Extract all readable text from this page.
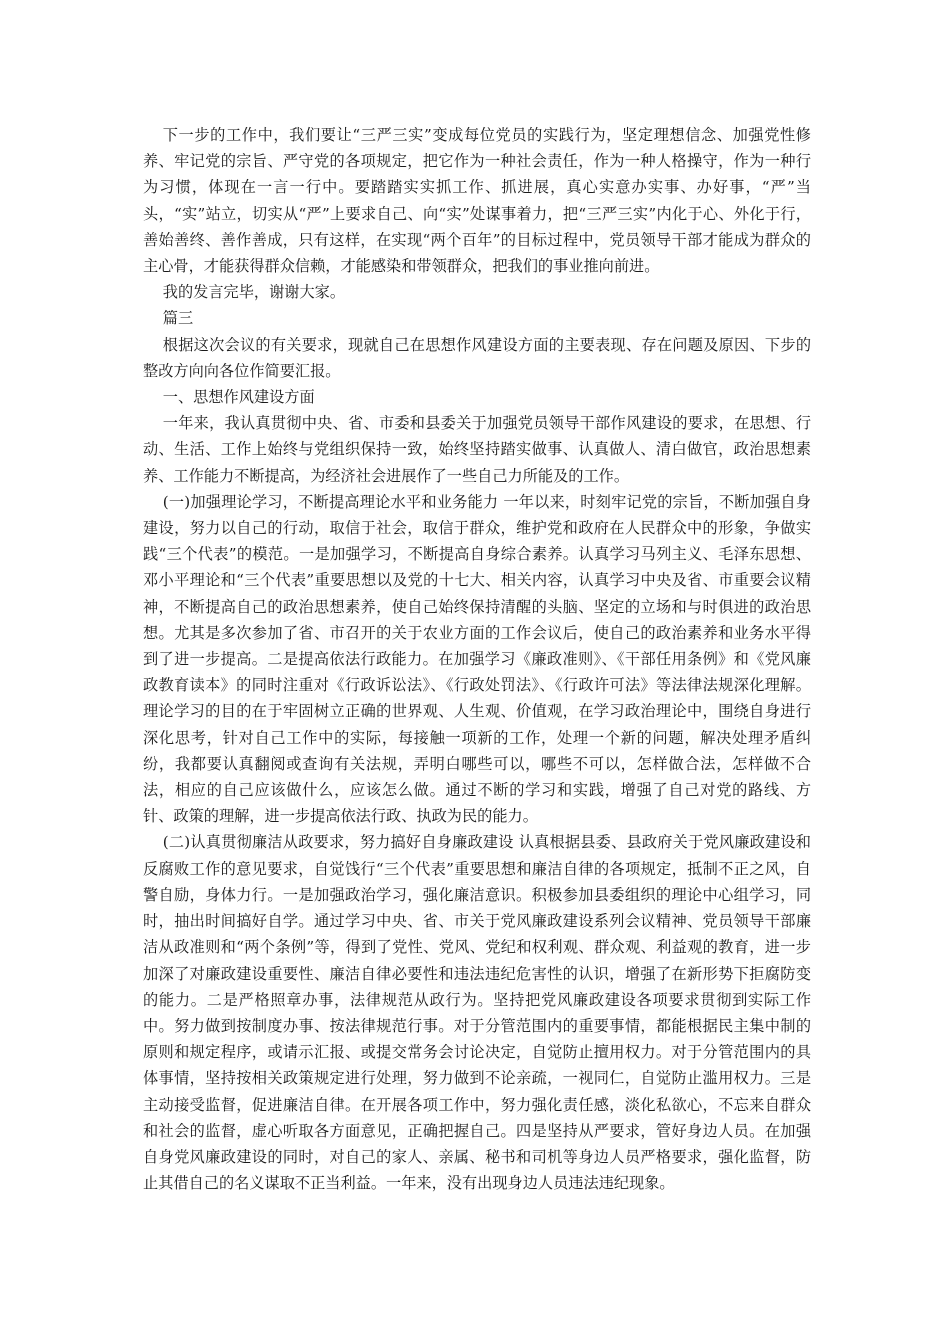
下一步的工作中，我们要让“三严三实”变成每位党员的实践行为，坚定理想信念、加强党性修养、牢记党的宗旨、严守党的各项规定，把它作为一种社会责任，作为一种人格操守，作为一种行为习惯，体现在一言一行中。要踏踏实实抓工作、抓进展，真心实意办实事、办好事，“严”当头，“实”站立，切实从“严”上要求自己、向“实”处谋事着力，把“三严三实”内化于心、外化于行，善始善终、善作善成，只有这样，在实现“两个百年”的目标过程中，党员领导干部才能成为群众的主心骨，才能获得群众信赖，才能感染和带领群众，把我们的事业推向前进。

我的发言完毕，谢谢大家。

篇三

根据这次会议的有关要求，现就自己在思想作风建设方面的主要表现、存在问题及原因、下步的整改方向向各位作简要汇报。

一、思想作风建设方面

一年来，我认真贯彻中央、省、市委和县委关于加强党员领导干部作风建设的要求，在思想、行动、生活、工作上始终与党组织保持一致，始终坚持踏实做事、认真做人、清白做官，政治思想素养、工作能力不断提高，为经济社会进展作了一些自己力所能及的工作。

(一)加强理论学习，不断提高理论水平和业务能力 一年以来，时刻牢记党的宗旨，不断加强自身建设，努力以自己的行动，取信于社会，取信于群众，维护党和政府在人民群众中的形象，争做实践“三个代表”的模范。一是加强学习，不断提高自身综合素养。认真学习马列主义、毛泽东思想、邓小平理论和“三个代表”重要思想以及党的十七大、相关内容，认真学习中央及省、市重要会议精神，不断提高自己的政治思想素养，使自己始终保持清醒的头脑、坚定的立场和与时俱进的政治思想。尤其是多次参加了省、市召开的关于农业方面的工作会议后，使自己的政治素养和业务水平得到了进一步提高。二是提高依法行政能力。在加强学习《廉政准则》、《干部任用条例》和《党风廉政教育读本》的同时注重对《行政诉讼法》、《行政处罚法》、《行政许可法》等法律法规深化理解。理论学习的目的在于牢固树立正确的世界观、人生观、价值观，在学习政治理论中，围绕自身进行深化思考，针对自己工作中的实际，每接触一项新的工作，处理一个新的问题，解决处理矛盾纠纷，我都要认真翻阅或查询有关法规，弄明白哪些可以，哪些不可以，怎样做合法，怎样做不合法，相应的自己应该做什么，应该怎么做。通过不断的学习和实践，增强了自己对党的路线、方针、政策的理解，进一步提高依法行政、执政为民的能力。

(二)认真贯彻廉洁从政要求，努力搞好自身廉政建设 认真根据县委、县政府关于党风廉政建设和反腐败工作的意见要求，自觉饯行“三个代表”重要思想和廉洁自律的各项规定，抵制不正之风，自警自励，身体力行。一是加强政治学习，强化廉洁意识。积极参加县委组织的理论中心组学习，同时，抽出时间搞好自学。通过学习中央、省、市关于党风廉政建设系列会议精神、党员领导干部廉洁从政准则和“两个条例”等，得到了党性、党风、党纪和权利观、群众观、利益观的教育，进一步加深了对廉政建设重要性、廉洁自律必要性和违法违纪危害性的认识，增强了在新形势下拒腐防变的能力。二是严格照章办事，法律规范从政行为。坚持把党风廉政建设各项要求贯彻到实际工作中。努力做到按制度办事、按法律规范行事。对于分管范围内的重要事情，都能根据民主集中制的原则和规定程序，或请示汇报、或提交常务会讨论决定，自觉防止擅用权力。对于分管范围内的具体事情，坚持按相关政策规定进行处理，努力做到不论亲疏，一视同仁，自觉防止滥用权力。三是主动接受监督，促进廉洁自律。在开展各项工作中，努力强化责任感，淡化私欲心，不忘来自群众和社会的监督，虚心听取各方面意见，正确把握自己。四是坚持从严要求，管好身边人员。在加强自身党风廉政建设的同时，对自己的家人、亲属、秘书和司机等身边人员严格要求，强化监督，防止其借自己的名义谋取不正当利益。一年来，没有出现身边人员违法违纪现象。
